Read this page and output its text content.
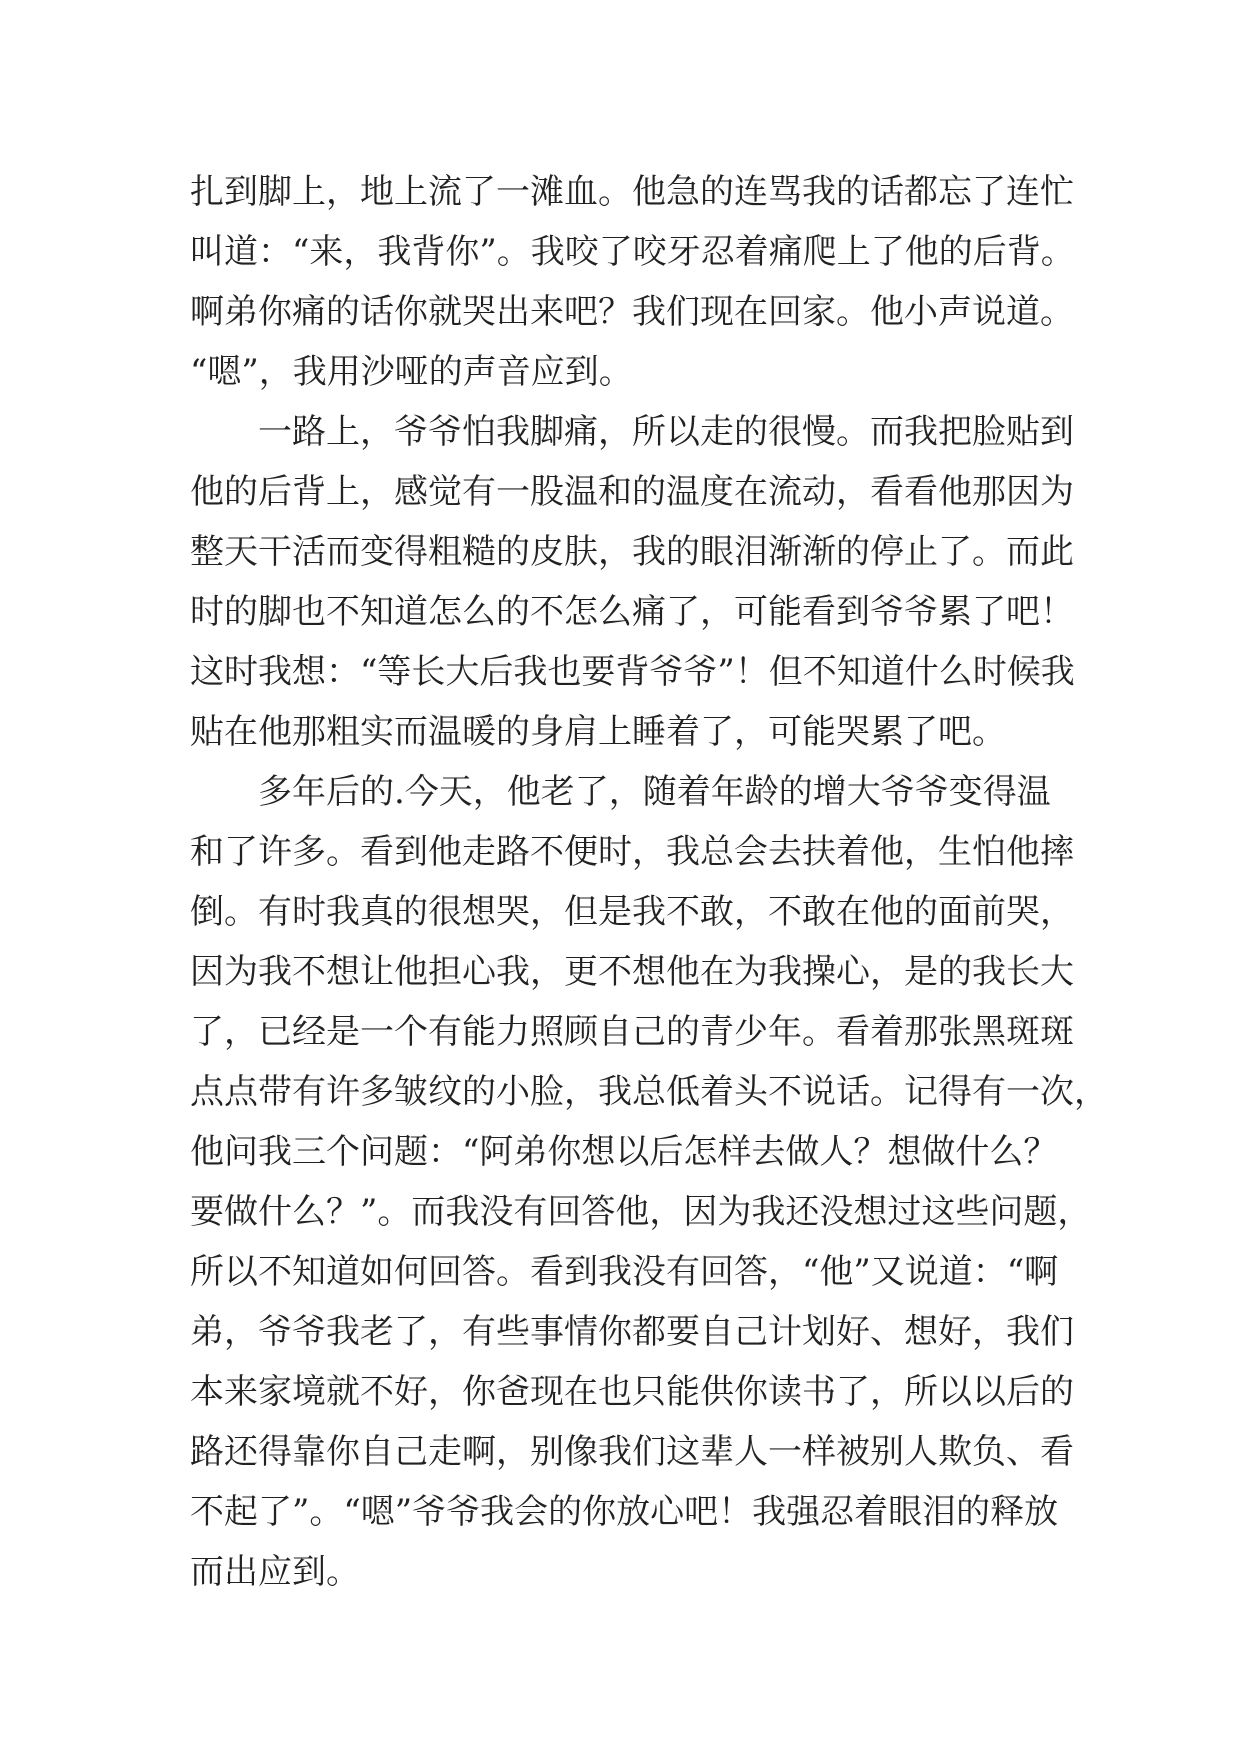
扎到脚上，地上流了一滩血。他急的连骂我的话都忘了连忙
叫道：“来，我背你”。我咬了咬牙忍着痛爬上了他的后背。
啊弟你痛的话你就哭出来吧？我们现在回家。他小声说道。
“嗯”，我用沙哑的声音应到。
　　一路上，爷爷怕我脚痛，所以走的很慢。而我把脸贴到
他的后背上，感觉有一股温和的温度在流动，看看他那因为
整天干活而变得粗糙的皮肤，我的眼泪渐渐的停止了。而此
时的脚也不知道怎么的不怎么痛了，可能看到爷爷累了吧！
这时我想：“等长大后我也要背爷爷”！但不知道什么时候我
贴在他那粗实而温暖的身肩上睡着了，可能哭累了吧。
　　多年后的.今天，他老了，随着年龄的增大爷爷变得温
和了许多。看到他走路不便时，我总会去扶着他，生怕他摔
倒。有时我真的很想哭，但是我不敢，不敢在他的面前哭，
因为我不想让他担心我，更不想他在为我操心，是的我长大
了，已经是一个有能力照顾自己的青少年。看着那张黑斑斑
点点带有许多皱纹的小脸，我总低着头不说话。记得有一次，
他问我三个问题：“阿弟你想以后怎样去做人？想做什么？
要做什么？”。而我没有回答他，因为我还没想过这些问题，
所以不知道如何回答。看到我没有回答，“他”又说道：“啊
弟，爷爷我老了，有些事情你都要自己计划好、想好，我们
本来家境就不好，你爸现在也只能供你读书了，所以以后的
路还得靠你自己走啊，别像我们这辈人一样被别人欺负、看
不起了”。“嗯”爷爷我会的你放心吧！我强忍着眼泪的释放
而出应到。
